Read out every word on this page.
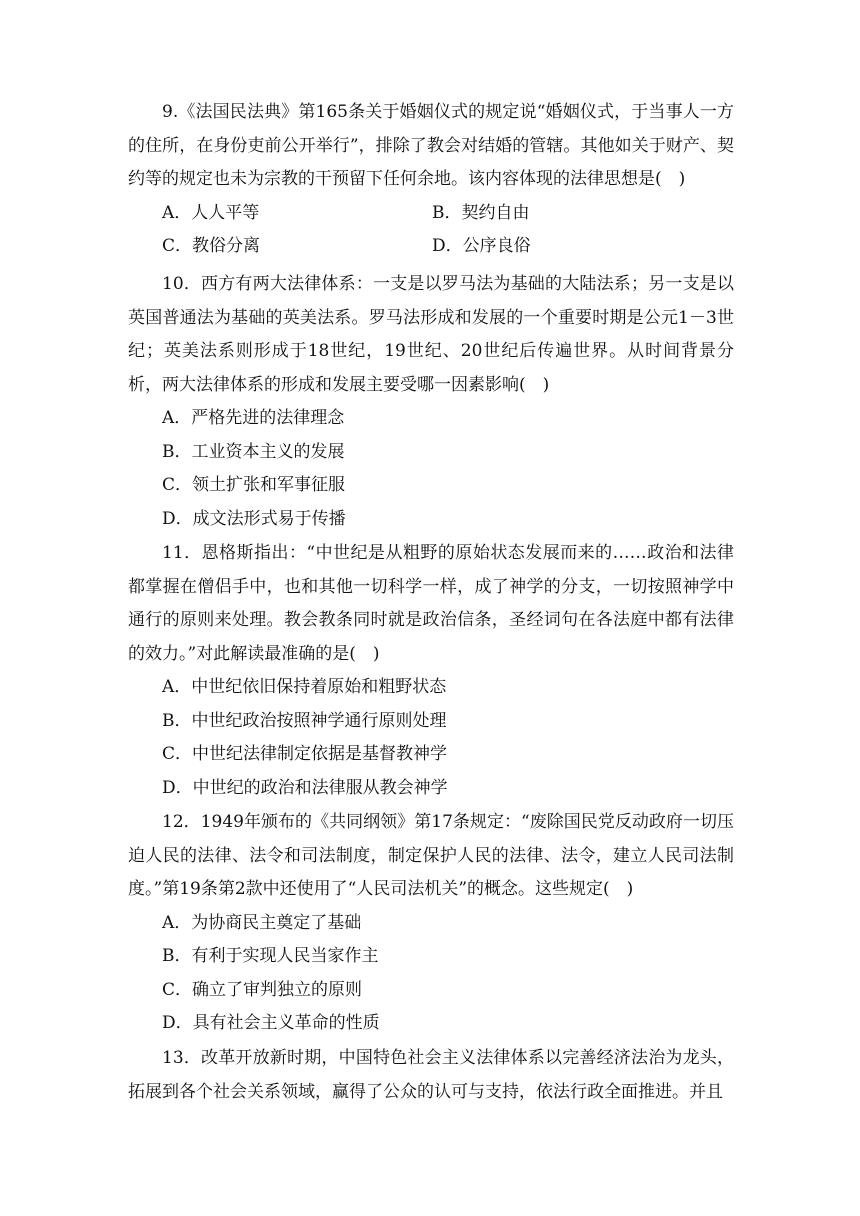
9.《法国民法典》第165条关于婚姻仪式的规定说“婚姻仪式，于当事人一方的住所，在身份吏前公开举行”，排除了教会对结婚的管辖。其他如关于财产、契约等的规定也未为宗教的干预留下任何余地。该内容体现的法律思想是(　)

A．人人平等	B．契约自由

C．教俗分离	D．公序良俗

10．西方有两大法律体系：一支是以罗马法为基础的大陆法系；另一支是以英国普通法为基础的英美法系。罗马法形成和发展的一个重要时期是公元1－3世纪；英美法系则形成于18世纪，19世纪、20世纪后传遍世界。从时间背景分析，两大法律体系的形成和发展主要受哪一因素影响(　)

A．严格先进的法律理念

B．工业资本主义的发展

C．领土扩张和军事征服

D．成文法形式易于传播

11．恩格斯指出：“中世纪是从粗野的原始状态发展而来的……政治和法律都掌握在僧侣手中，也和其他一切科学一样，成了神学的分支，一切按照神学中通行的原则来处理。教会教条同时就是政治信条，圣经词句在各法庭中都有法律的效力。”对此解读最准确的是(　)

A．中世纪依旧保持着原始和粗野状态

B．中世纪政治按照神学通行原则处理

C．中世纪法律制定依据是基督教神学

D．中世纪的政治和法律服从教会神学

12．1949年颁布的《共同纲领》第17条规定：“废除国民党反动政府一切压迫人民的法律、法令和司法制度，制定保护人民的法律、法令，建立人民司法制度。”第19条第2款中还使用了“人民司法机关”的概念。这些规定(　)

A．为协商民主奠定了基础

B．有利于实现人民当家作主

C．确立了审判独立的原则

D．具有社会主义革命的性质

13．改革开放新时期，中国特色社会主义法律体系以完善经济法治为龙头，拓展到各个社会关系领域，赢得了公众的认可与支持，依法行政全面推进。并且
